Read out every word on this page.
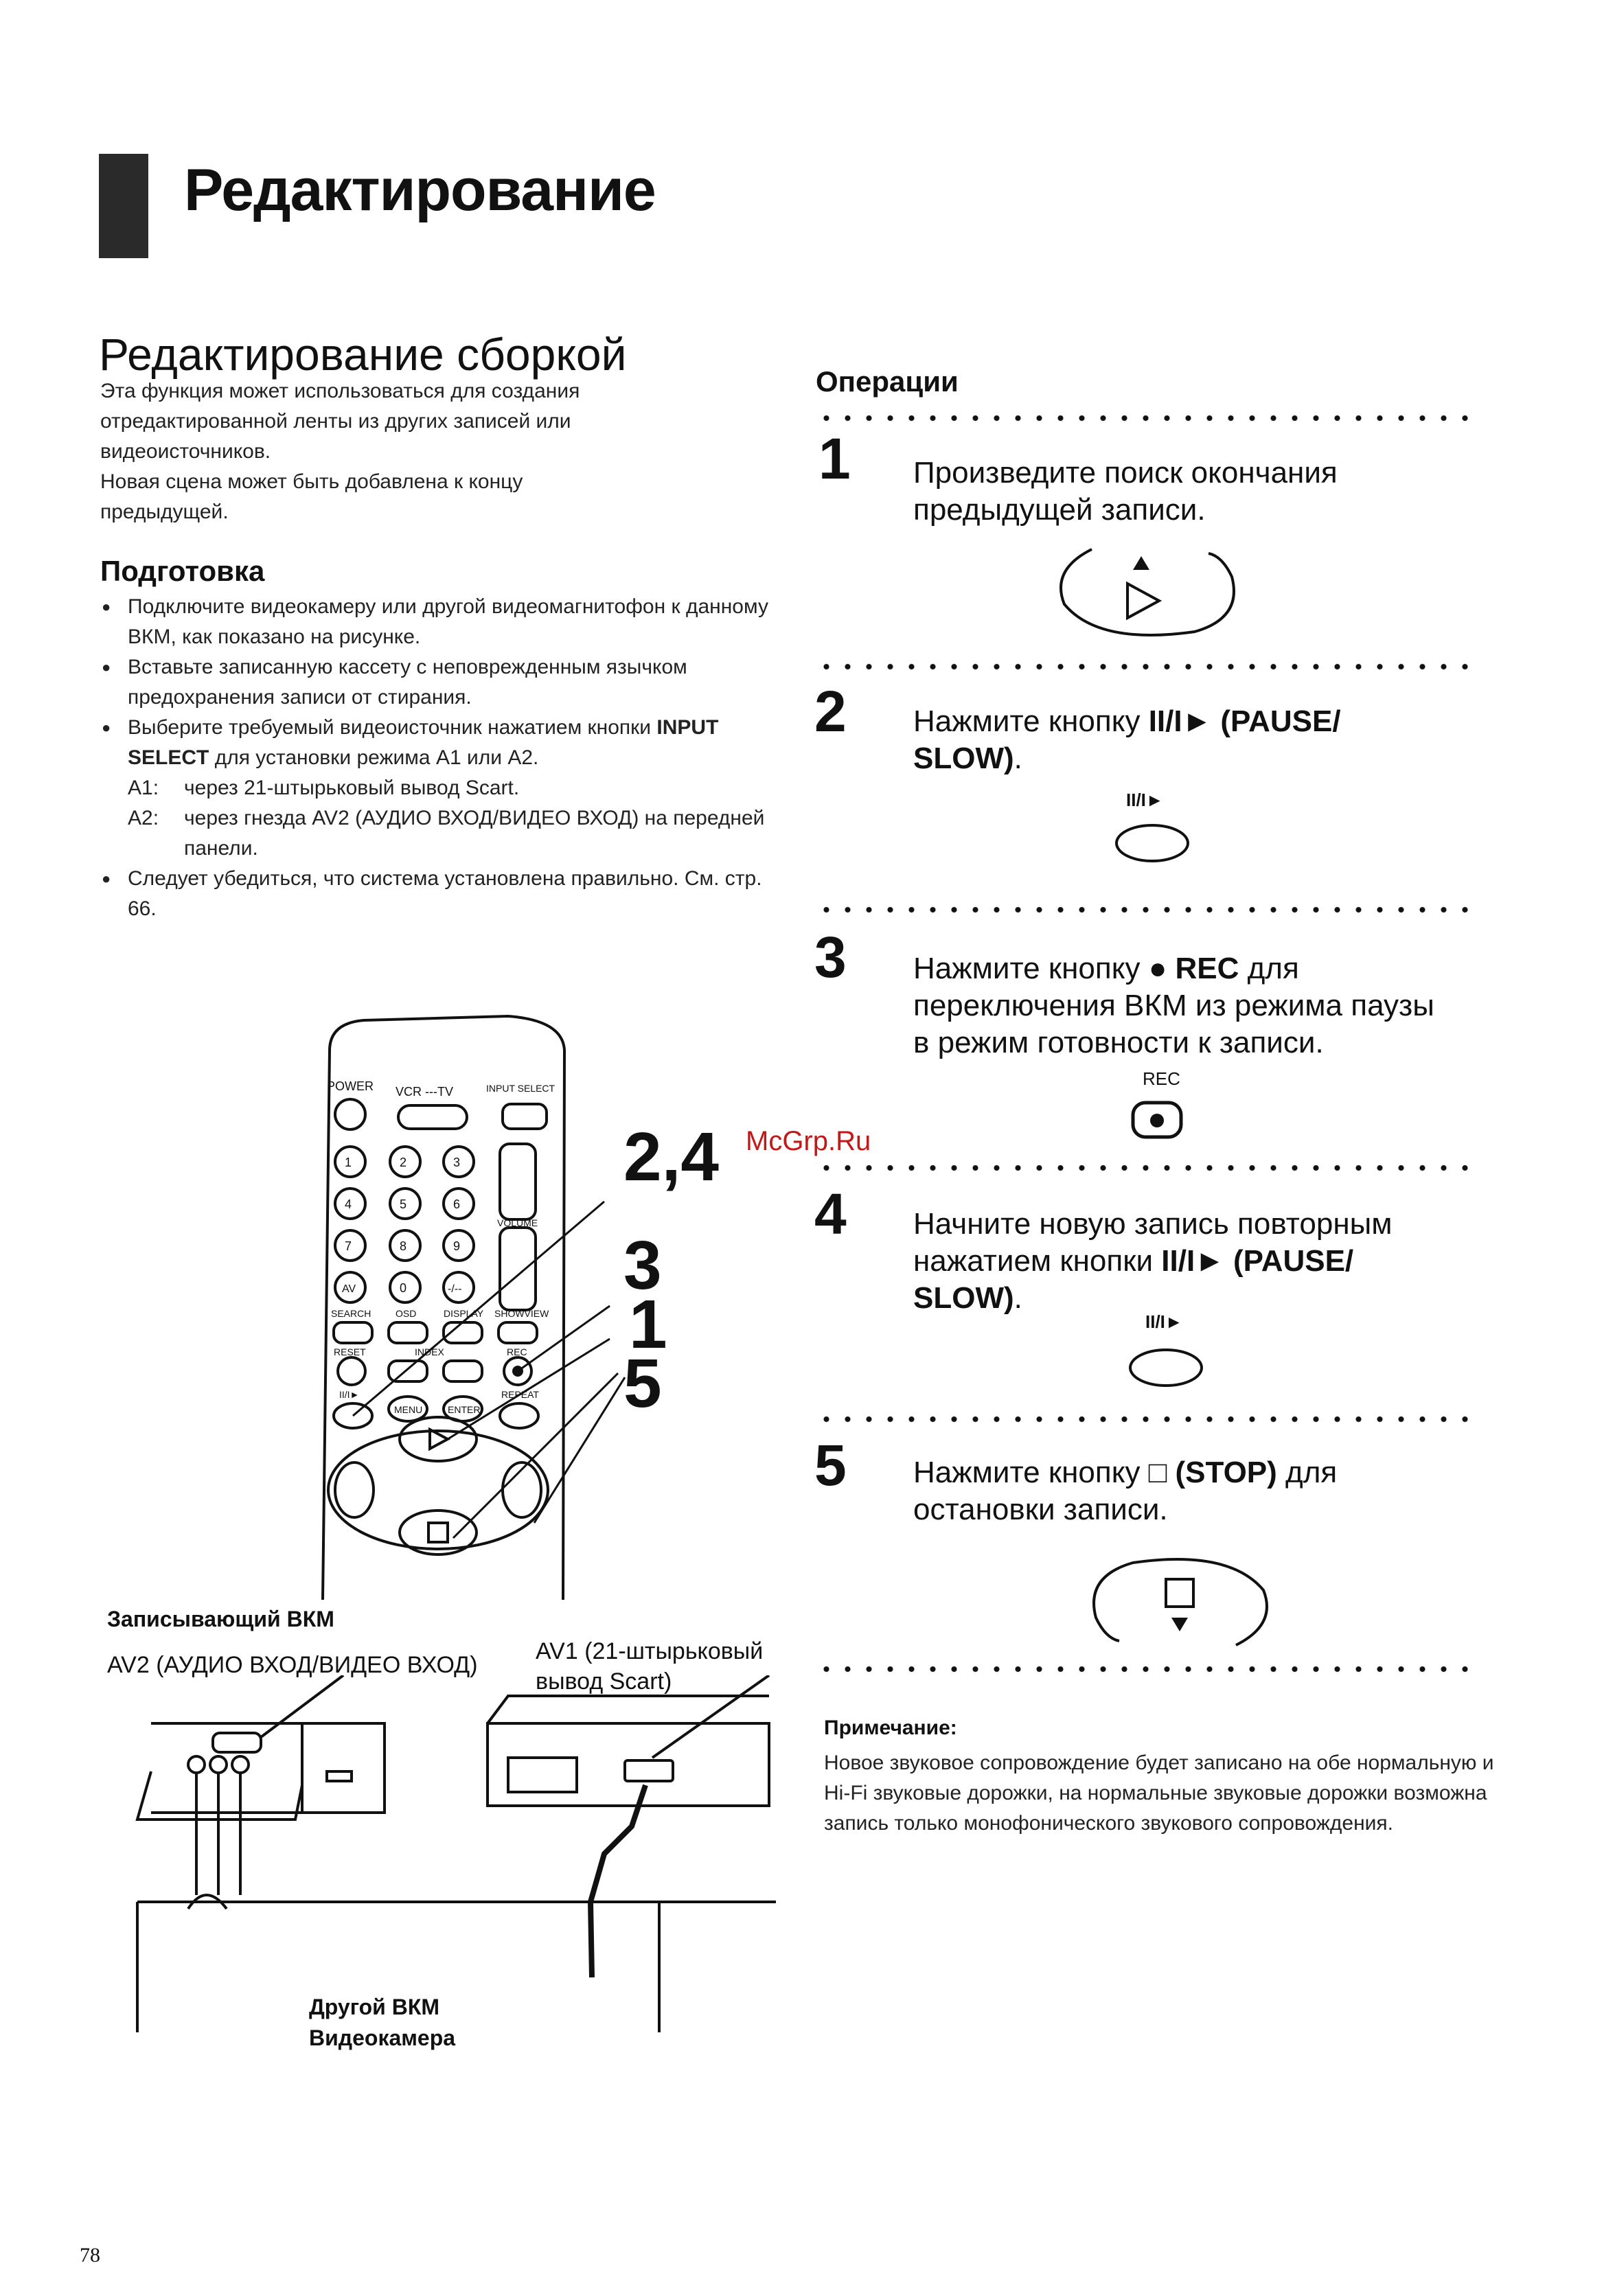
Редактирование
Редактирование сборкой
Эта функция может использоваться для создания
отредактированной ленты из других записей или
видеоисточников.
Новая сцена может быть добавлена к концу
предыдущей.
Подготовка
● Подключите видеокамеру или другой видеомагнитофон к данному ВКМ, как показано на рисунке.
● Вставьте записанную кассету с неповрежденным язычком предохранения записи от стирания.
● Выберите требуемый видеоисточник нажатием кнопки INPUT SELECT для установки режима A1 или A2.
A1:	через 21-штырьковый вывод Scart.
A2:	через гнезда AV2 (АУДИО ВХОД/ВИДЕО ВХОД) на передней панели.
● Следует убедиться, что система установлена правильно. См. стр. 66.
POWER VCR ---TV	INPUT SELECT
VOLUME
SEARCH	OSD	DISPLAY SHOWVIEW
RESET	INDEX	REC
II/I►
MENU	ENTER
REPEAT
1	2	3
4	5	6
7	8	9
AV	0	-/--
2,4
3
1
5
Записывающий ВКМ
AV2 (АУДИО ВХОД/ВИДЕО ВХОД)
AV1 (21-штырьковый
вывод Scart)
Другой ВКМ
Видеокамера
Операции
1 Произведите поиск окончания предыдущей записи.
2 Нажмите кнопку II/I► (PAUSE/ SLOW).
II/I►
3 Нажмите кнопку ● REC для переключения ВКМ из режима паузы в режим готовности к записи.
REC
4 Начните новую запись повторным нажатием кнопки II/I► (PAUSE/ SLOW).
II/I►
5 Нажмите кнопку □ (STOP) для остановки записи.
Примечание:
Новое звуковое сопровождение будет записано на обе нормальную и Hi-Fi звуковые дорожки, на нормальные звуковые дорожки возможна запись только монофонического звукового сопровождения.
McGrp.Ru
78
